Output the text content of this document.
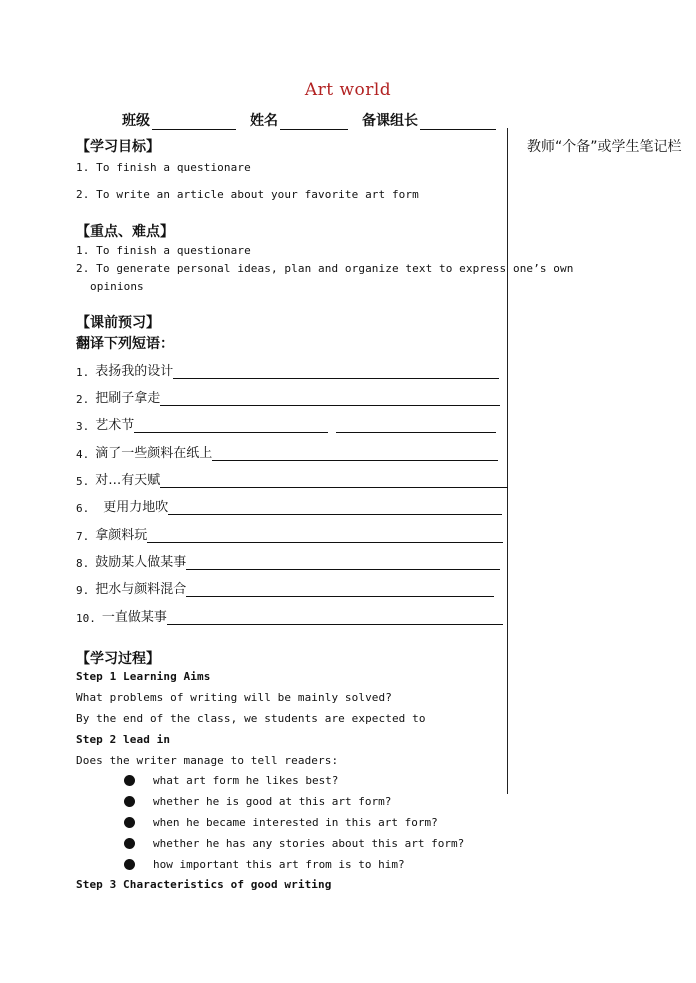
Art world
班级	姓名	备课组长
教师“个备”或学生笔记栏
【学习目标】
1. To finish a questionare
2. To write an article about your favorite art form
【重点、难点】
1. To finish a questionare
2. To generate personal ideas, plan and organize text to express one’s own
opinions
【课前预习】
翻译下列短语：
1. 表扬我的设计
2. 把刷子拿走
3. 艺术节
4. 滴了一些颜料在纸上
5. 对…有天赋
6. 更用力地吹
7. 拿颜料玩
8. 鼓励某人做某事
9. 把水与颜料混合
10. 一直做某事
【学习过程】
Step 1 Learning Aims
What problems of writing will be mainly solved?
By the end of the class, we students are expected to
Step 2 lead in
Does the writer manage to tell readers:
what art form he likes best?
whether he is good at this art form?
when he became interested in this art form?
whether he has any stories about this art form?
how important this art from is to him?
Step 3 Characteristics of good writing
